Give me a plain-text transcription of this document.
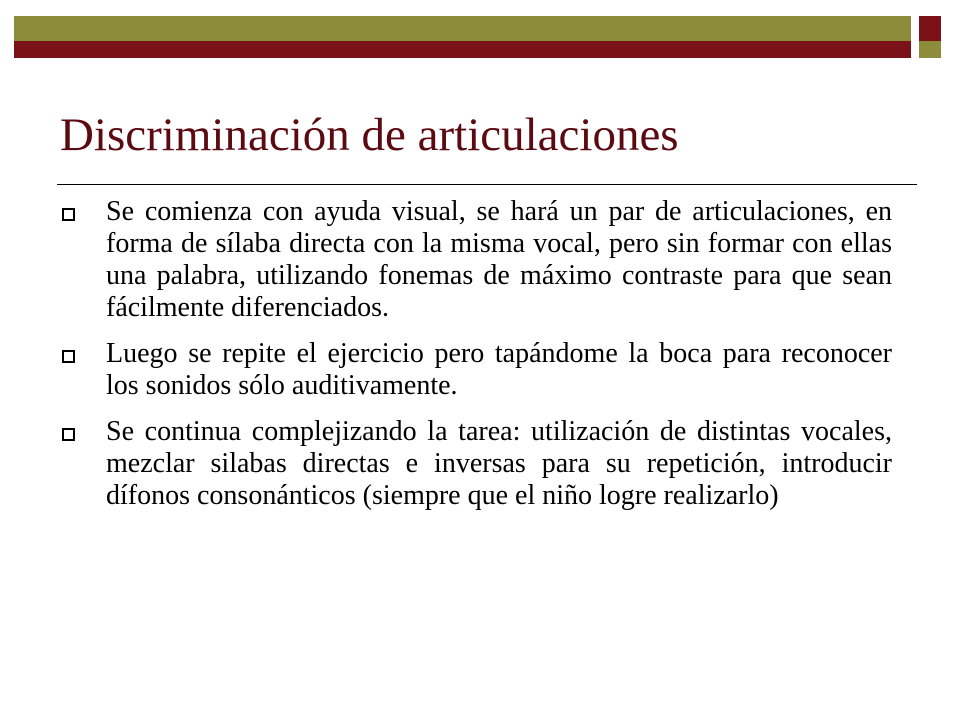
Discriminación de articulaciones
Se comienza con ayuda visual, se hará un par de articulaciones, en forma de sílaba directa con la misma vocal, pero sin formar con ellas una palabra, utilizando fonemas de máximo contraste para que sean fácilmente diferenciados.
Luego se repite el ejercicio pero tapándome la boca para reconocer los sonidos sólo auditivamente.
Se continua complejizando la tarea: utilización de distintas vocales, mezclar silabas directas e inversas para su repetición, introducir dífonos consonánticos (siempre que el niño logre realizarlo)
